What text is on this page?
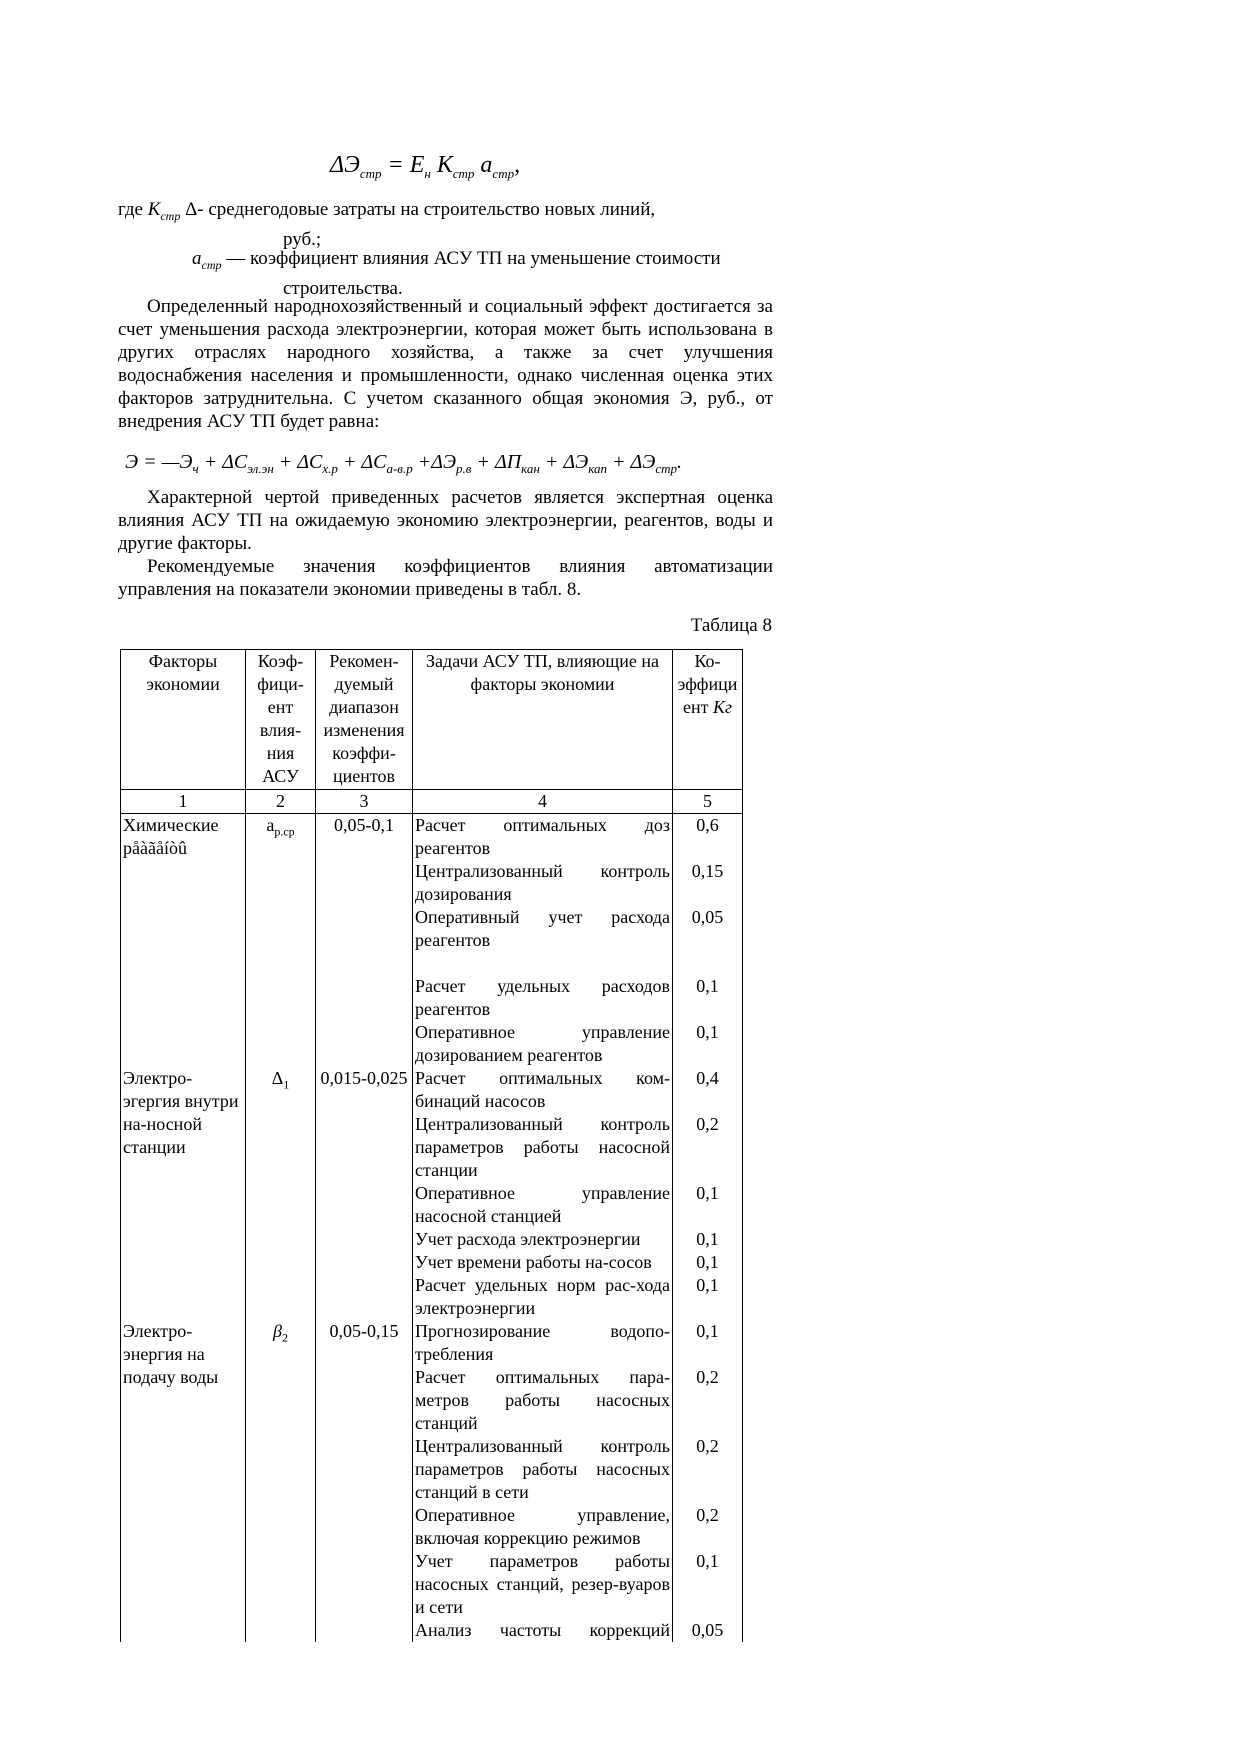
$\Delta Э_{стр} = Е_н$ $К_{стр}$ $а_{стр}$,
где $К_{стр}$ Δ- среднегодовые затраты на строительство новых линий,
руб.;
$а_{стр}$ — коэффициент влияния АСУ ТП на уменьшение стоимости
строительства.
Определенный народнохозяйственный и социальный эффект достигается за счет уменьшения расхода электроэнергии, которая может быть использована в других отраслях народного хозяйства, а также за счет улучшения водоснабжения населения и промышленности, однако численная оценка этих факторов затруднительна. С учетом сказанного общая экономия Э, руб., от внедрения АСУ ТП будет равна:
$Э = —Э_ч + \Delta С_{эл.эн} + \Delta С_{х.р} + \Delta С_{а-в.р} +\Delta Э_{р.в} + \Delta П_{кан} + \Delta Э_{кап} + \Delta Э_{стр}$.
Характерной чертой приведенных расчетов является экспертная оценка влияния АСУ ТП на ожидаемую экономию электроэнергии, реагентов, воды и другие факторы.
Рекомендуемые значения коэффициентов влияния автоматизации управления на показатели экономии приведены в табл. 8.
Таблица 8
Факторы экономии	Коэф-фици-ент влия-ния АСУ	Рекомен-дуемый диапазон изменения коэффи-циентов	Задачи АСУ ТП, влияющие на факторы экономии	Ко-эффици ент Кг
1	2	3	4	5
Химические рåàãåíòû	$а_{р.ср}$	0,05-0,1	Расчет оптимальных доз реагентов	0,6
			Централизованный контроль дозирования	0,15
			Оперативный учет расхода реагентов	0,05

			Расчет удельных расходов реагентов	0,1
			Оперативное управление дозированием реагентов	0,1
Электро-эгергия внутри на-носной станции	$\Delta_1$	0,015-0,025	Расчет оптимальных ком-бинаций насосов	0,4
			Централизованный контроль параметров работы насосной станции	0,2
			Оперативное управление насосной станцией	0,1
			Учет расхода электроэнергии	0,1
			Учет времени работы на-сосов	0,1
			Расчет удельных норм рас-хода электроэнергии	0,1
Электро-энергия на подачу воды	$\beta_2$	0,05-0,15	Прогнозирование водопо-требления	0,1
			Расчет оптимальных пара-метров работы насосных станций	0,2
			Централизованный контроль параметров работы насосных станций в сети	0,2
			Оперативное управление, включая коррекцию режимов	0,2
			Учет параметров работы насосных станций, резер-вуаров и сети	0,1
			Анализ частоты коррекций	0,05
